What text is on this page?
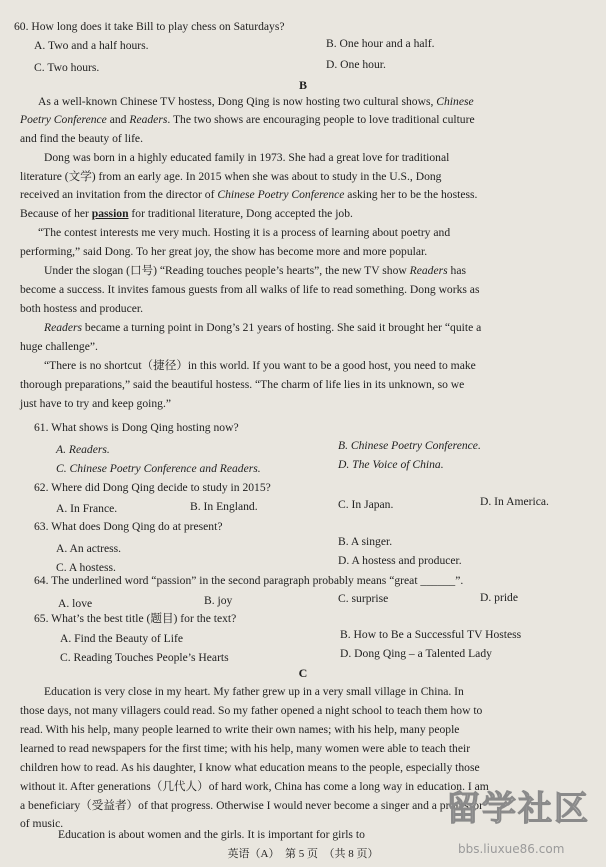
60. How long does it take Bill to play chess on Saturdays?
A. Two and a half hours.	B. One hour and a half.
C. Two hours.	D. One hour.
B
As a well-known Chinese TV hostess, Dong Qing is now hosting two cultural shows, Chinese
Poetry Conference and Readers. The two shows are encouraging people to love traditional culture
and find the beauty of life.
Dong was born in a highly educated family in 1973. She had a great love for traditional
literature (文学) from an early age. In 2015 when she was about to study in the U.S., Dong
received an invitation from the director of Chinese Poetry Conference asking her to be the hostess.
Because of her passion for traditional literature, Dong accepted the job.
“The contest interests me very much. Hosting it is a process of learning about poetry and
performing,” said Dong. To her great joy, the show has become more and more popular.
Under the slogan (口号) “Reading touches people’s hearts”, the new TV show Readers has
become a success. It invites famous guests from all walks of life to read something. Dong works as
both hostess and producer.
Readers became a turning point in Dong’s 21 years of hosting. She said it brought her “quite a
huge challenge”.
“There is no shortcut（捷径）in this world. If you want to be a good host, you need to make
thorough preparations,” said the beautiful hostess. “The charm of life lies in its unknown, so we
just have to try and keep going.”
61. What shows is Dong Qing hosting now?
A. Readers.	B. Chinese Poetry Conference.
C. Chinese Poetry Conference and Readers.	D. The Voice of China.
62. Where did Dong Qing decide to study in 2015?
A. In France.	B. In England.	C. In Japan.	D. In America.
63. What does Dong Qing do at present?
A. An actress.
B. A singer.
C. A hostess.
D. A hostess and producer.
64. The underlined word “passion” in the second paragraph probably means “great ______”.
A. love	B. joy	C. surprise	D. pride
65. What’s the best title (题目) for the text?
A. Find the Beauty of Life	B. How to Be a Successful TV Hostess
C. Reading Touches People’s Hearts	D. Dong Qing – a Talented Lady
C
Education is very close in my heart. My father grew up in a very small village in China. In
those days, not many villagers could read. So my father opened a night school to teach them how to
read. With his help, many people learned to write their own names; with his help, many people
learned to read newspapers for the first time; with his help, many women were able to teach their
children how to read. As his daughter, I know what education means to the people, especially those
without it. After generations（几代人）of hard work, China has come a long way in education. I am
a beneficiary（受益者）of that progress. Otherwise I would never become a singer and a professor
of music.
Education is about women and the girls. It is important for girls to
英语（A）　第 5 页　（共 8 页）
留学社区
bbs.liuxue86.com
